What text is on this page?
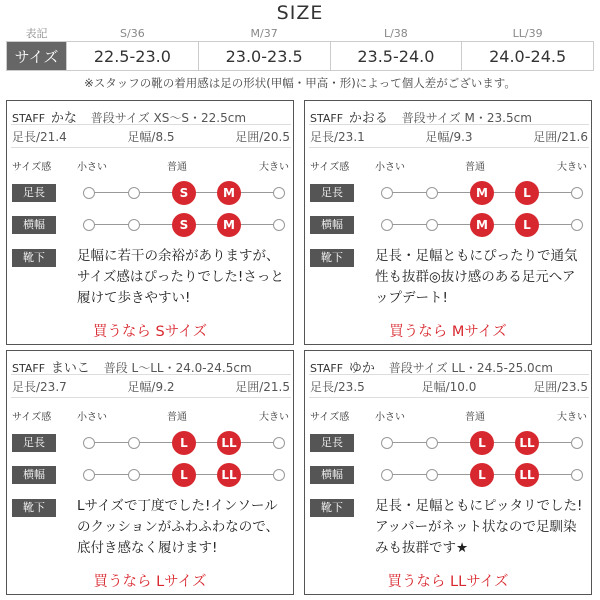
SIZE
表記	S/36	M/37	L/38	LL/39
サイズ	22.5-23.0	23.0-23.5	23.5-24.0	24.0-24.5
※スタッフの靴の着用感は足の形状(甲幅・甲高・形)によって個人差がございます。
STAFF かな 普段サイズ XS〜S・22.5cm
足長/21.4	足幅/8.5	足囲/20.5
サイズ感	小さい	普通	大きい
足長	S	M
横幅	S	M
靴下	足幅に若干の余裕がありますが、サイズ感はぴったりでした!さっと履けて歩きやすい!
買うなら Sサイズ
STAFF かおる 普段サイズ M・23.5cm
足長/23.1	足幅/9.3	足囲/21.6
サイズ感	小さい	普通	大きい
足長	M	L
横幅	M	L
靴下	足長・足幅ともにぴったりで通気性も抜群◎抜け感のある足元へアップデート!
買うなら Mサイズ
STAFF まいこ 普段 L〜LL・24.0-24.5cm
足長/23.7	足幅/9.2	足囲/21.5
サイズ感	小さい	普通	大きい
足長	L	LL
横幅	L	LL
靴下	Lサイズで丁度でした!インソールのクッションがふわふわなので、底付き感なく履けます!
買うなら Lサイズ
STAFF ゆか 普段サイズ LL・24.5-25.0cm
足長/23.5	足幅/10.0	足囲/23.5
サイズ感	小さい	普通	大きい
足長	L	LL
横幅	L	LL
靴下	足長・足幅ともにピッタリでした!アッパーがネット状なので足馴染みも抜群です★
買うなら LLサイズ
